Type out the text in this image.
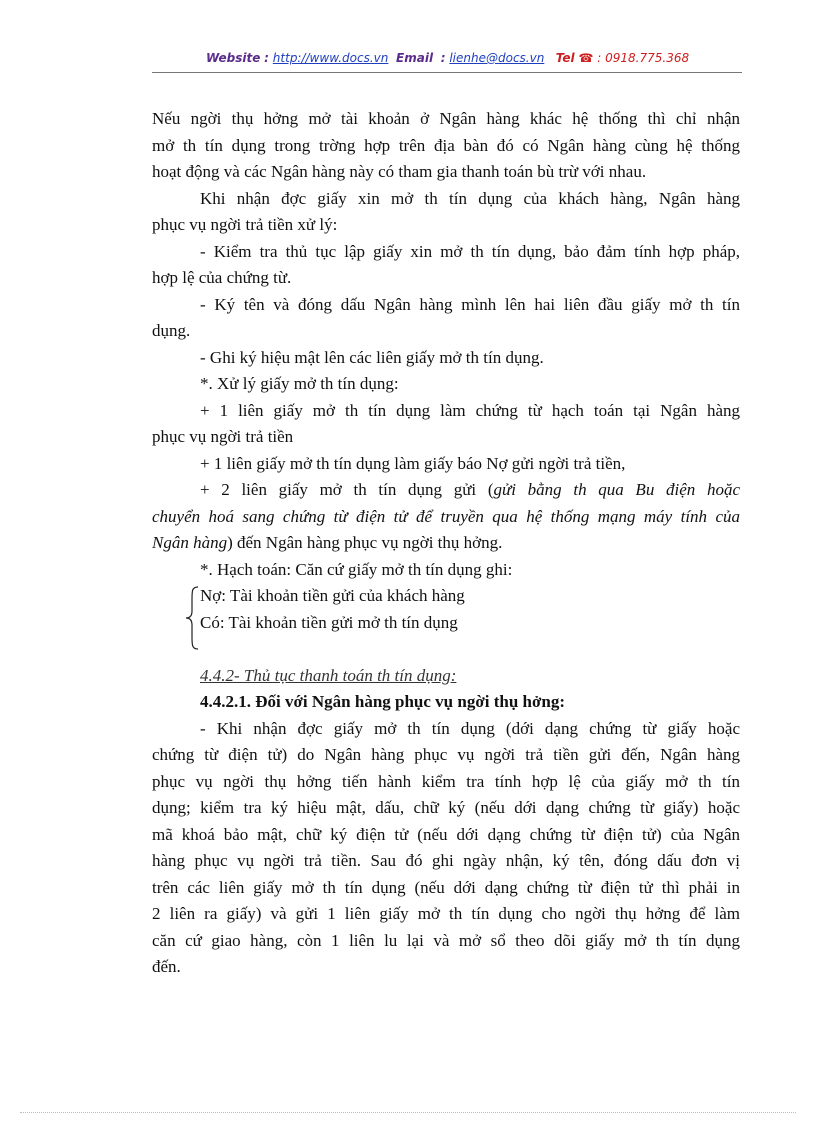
Website : http://www.docs.vn Email : lienhe@docs.vn Tel ☎ : 0918.775.368
Nếu ngời thụ hởng mở tài khoản ở Ngân hàng khác hệ thống thì chỉ nhận
mở th tín dụng trong trờng hợp trên địa bàn đó có Ngân hàng cùng hệ thống
hoạt động và các Ngân hàng này có tham gia thanh toán bù trừ với nhau.
Khi nhận đợc giấy xin mở th tín dụng của khách hàng, Ngân hàng
phục vụ ngời trả tiền xử lý:
- Kiểm tra thủ tục lập giấy xin mở th tín dụng, bảo đảm tính hợp pháp,
hợp lệ của chứng từ.
- Ký tên và đóng dấu Ngân hàng mình lên hai liên đầu giấy mở th tín
dụng.
- Ghi ký hiệu mật lên các liên giấy mở th tín dụng.
*. Xử lý giấy mở th tín dụng:
+ 1 liên giấy mở th tín dụng làm chứng từ hạch toán tại Ngân hàng
phục vụ ngời trả tiền
+ 1 liên giấy mở th tín dụng làm giấy báo Nợ gửi ngời trả tiền,
+ 2 liên giấy mở th tín dụng gửi (gửi bằng th qua Bu điện hoặc
chuyển hoá sang chứng từ điện tử để truyền qua hệ thống mạng máy tính của
Ngân hàng) đến Ngân hàng phục vụ ngời thụ hởng.
*. Hạch toán: Căn cứ giấy mở th tín dụng ghi:
Nợ: Tài khoản tiền gửi của khách hàng
Có: Tài khoản tiền gửi mở th tín dụng
4.4.2- Thủ tục thanh toán th tín dụng:
4.4.2.1. Đối với Ngân hàng phục vụ ngời thụ hởng:
- Khi nhận đợc giấy mở th tín dụng (dới dạng chứng từ giấy hoặc
chứng từ điện tử) do Ngân hàng phục vụ ngời trả tiền gửi đến, Ngân hàng
phục vụ ngời thụ hởng tiến hành kiểm tra tính hợp lệ của giấy mở th tín
dụng; kiểm tra ký hiệu mật, dấu, chữ ký (nếu dới dạng chứng từ giấy) hoặc
mã khoá bảo mật, chữ ký điện tử (nếu dới dạng chứng từ điện tử) của Ngân
hàng phục vụ ngời trả tiền. Sau đó ghi ngày nhận, ký tên, đóng dấu đơn vị
trên các liên giấy mở th tín dụng (nếu dới dạng chứng từ điện tử thì phải in
2 liên ra giấy) và gửi 1 liên giấy mở th tín dụng cho ngời thụ hởng để làm
căn cứ giao hàng, còn 1 liên lu lại và mở sổ theo dõi giấy mở th tín dụng
đến.
